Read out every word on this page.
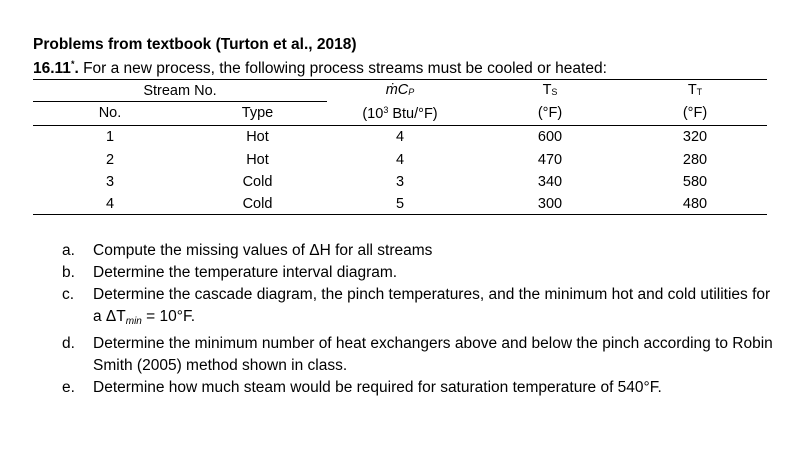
Problems from textbook (Turton et al., 2018)
16.11*. For a new process, the following process streams must be cooled or heated:
Stream No.	ṁCP	TS	TT
No.	Type	($10^3$ Btu/°F)	(°F)	(°F)
1	Hot	4	600	320
2	Hot	4	470	280
3	Cold	3	340	580
4	Cold	5	300	480
a.	Compute the missing values of ΔH for all streams
b.	Determine the temperature interval diagram.
c.	Determine the cascade diagram, the pinch temperatures, and the minimum hot and cold utilities for a ΔTmin = 10°F.
d.	Determine the minimum number of heat exchangers above and below the pinch according to Robin Smith (2005) method shown in class.
e.	Determine how much steam would be required for saturation temperature of 540°F.
